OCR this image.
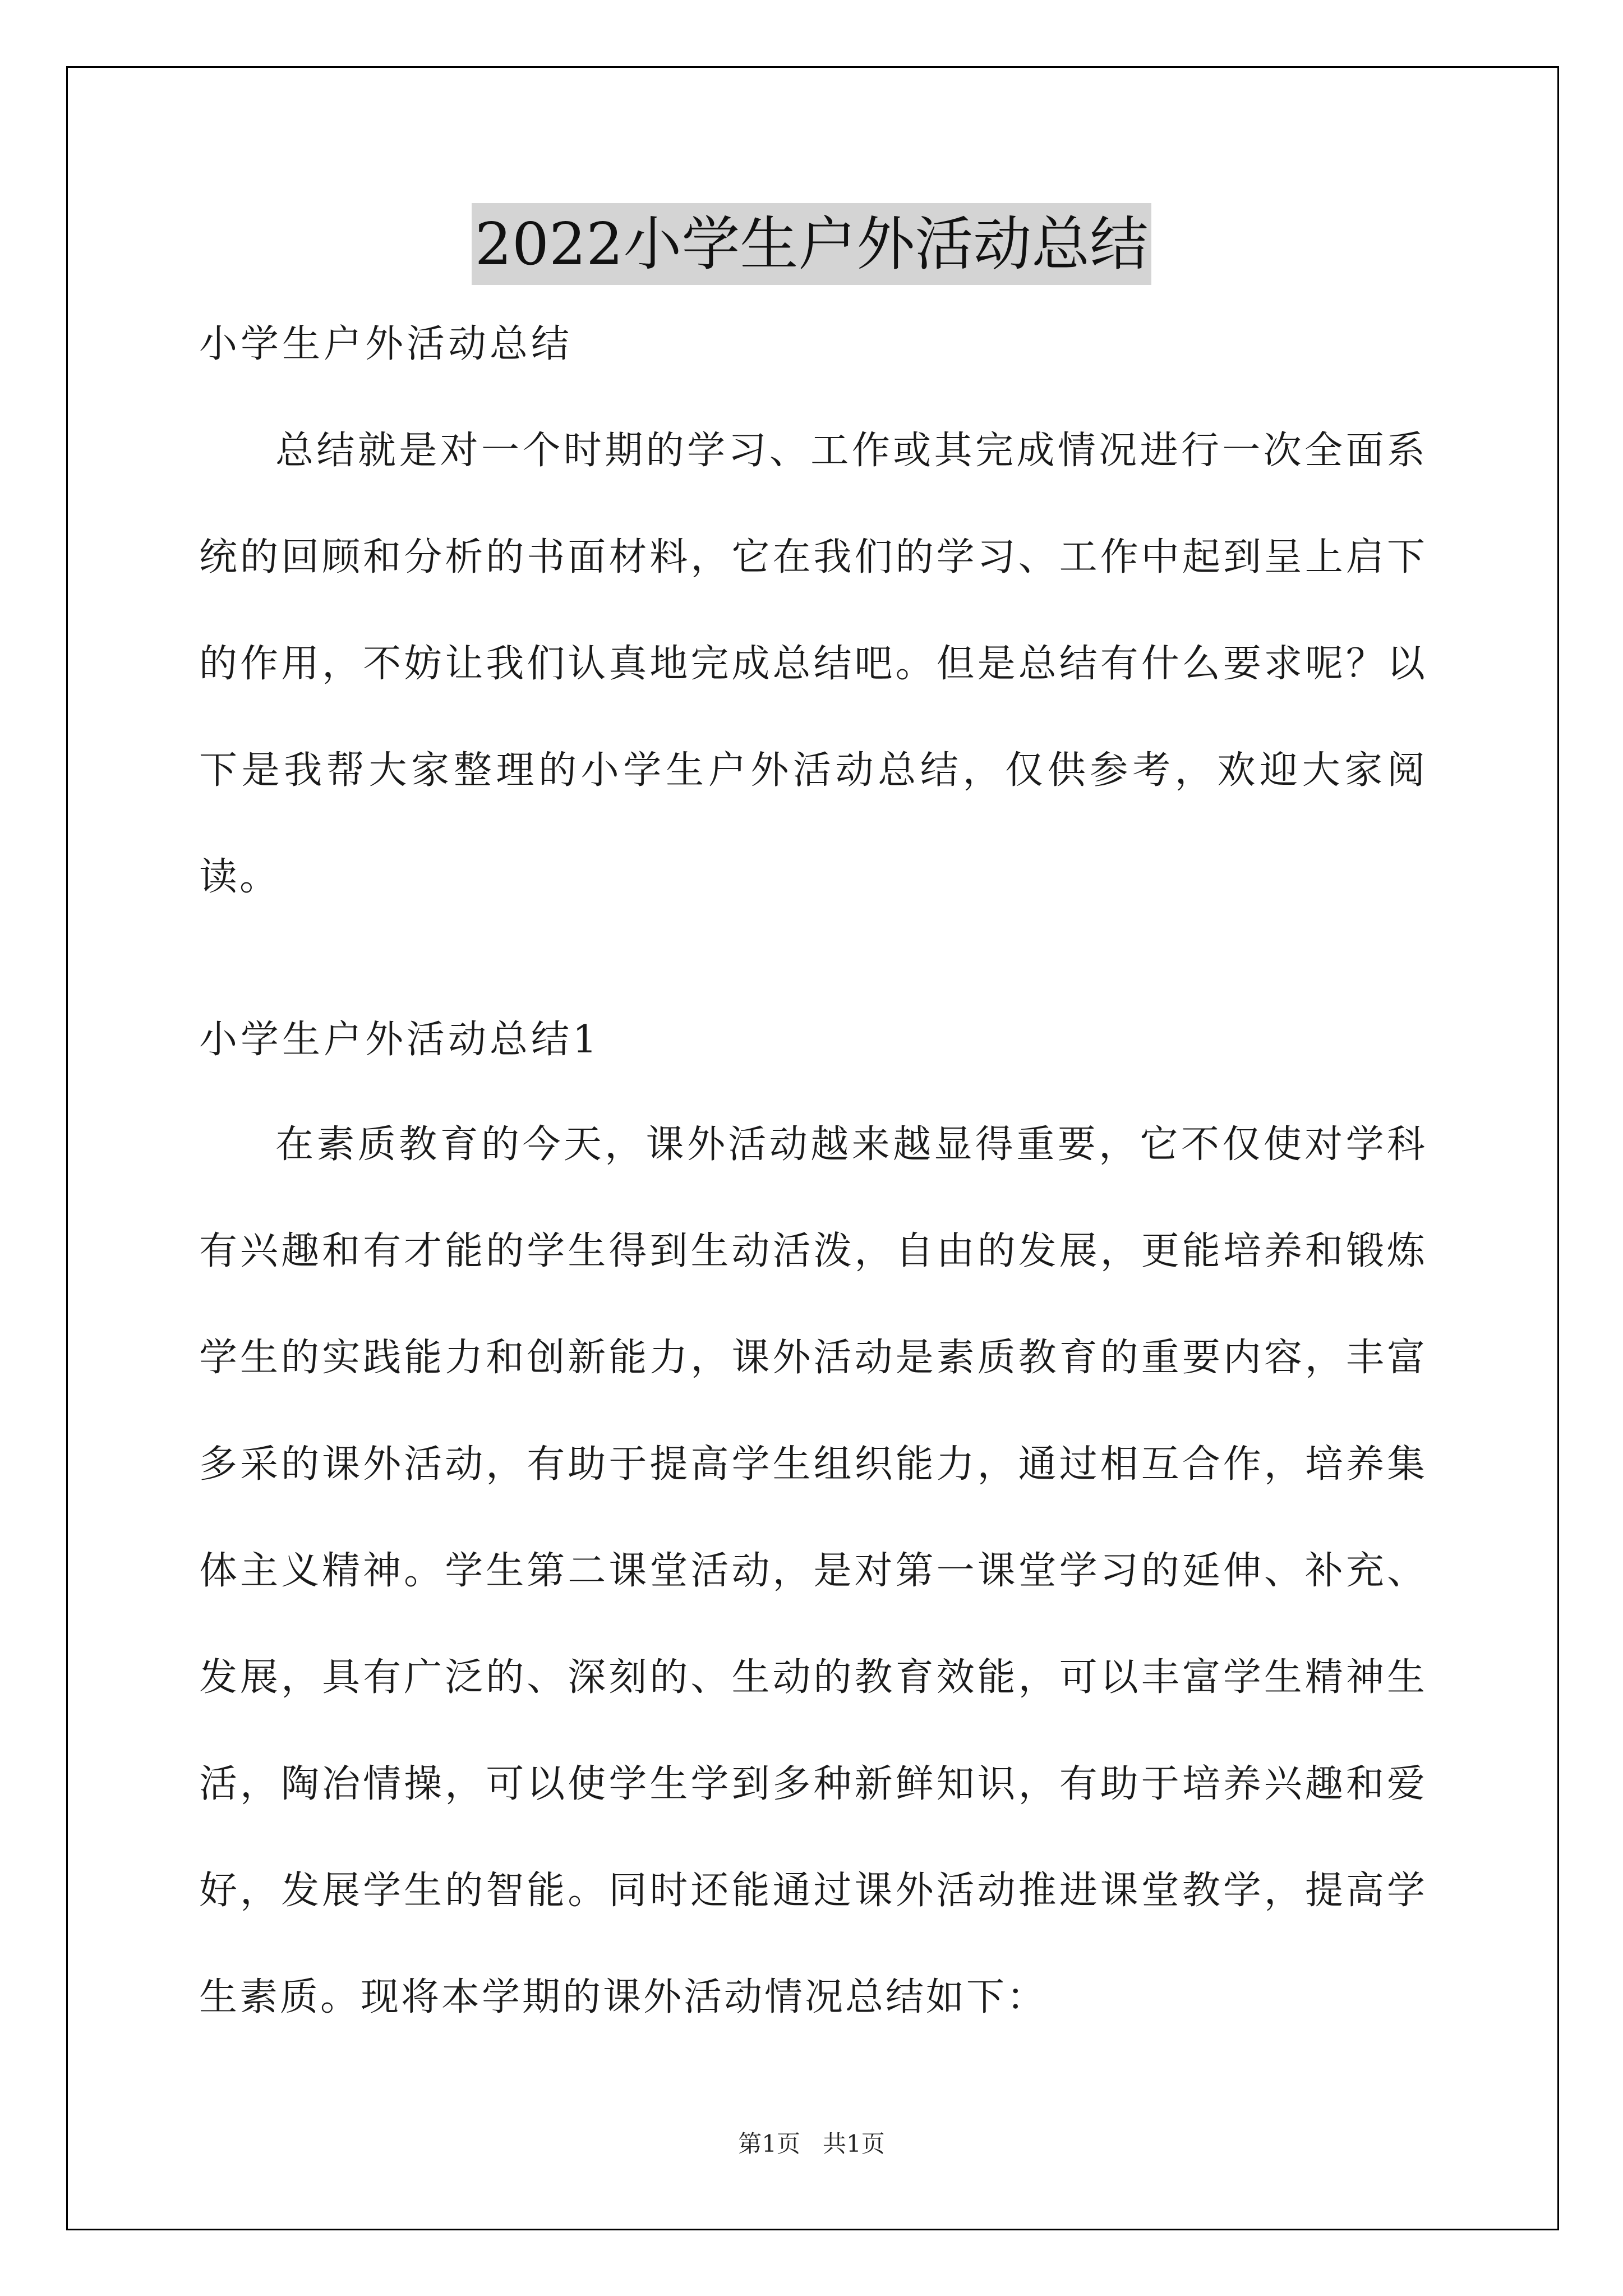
2022小学生户外活动总结

小学生户外活动总结

总结就是对一个时期的学习、工作或其完成情况进行一次全面系统的回顾和分析的书面材料，它在我们的学习、工作中起到呈上启下的作用，不妨让我们认真地完成总结吧。但是总结有什么要求呢？以下是我帮大家整理的小学生户外活动总结，仅供参考，欢迎大家阅读。

小学生户外活动总结1

在素质教育的今天，课外活动越来越显得重要，它不仅使对学科有兴趣和有才能的学生得到生动活泼，自由的发展，更能培养和锻炼学生的实践能力和创新能力，课外活动是素质教育的重要内容，丰富多采的课外活动，有助于提高学生组织能力，通过相互合作，培养集体主义精神。学生第二课堂活动，是对第一课堂学习的延伸、补充、发展，具有广泛的、深刻的、生动的教育效能，可以丰富学生精神生活，陶冶情操，可以使学生学到多种新鲜知识，有助于培养兴趣和爱好，发展学生的智能。同时还能通过课外活动推进课堂教学，提高学生素质。现将本学期的课外活动情况总结如下：

第1页 共1页
